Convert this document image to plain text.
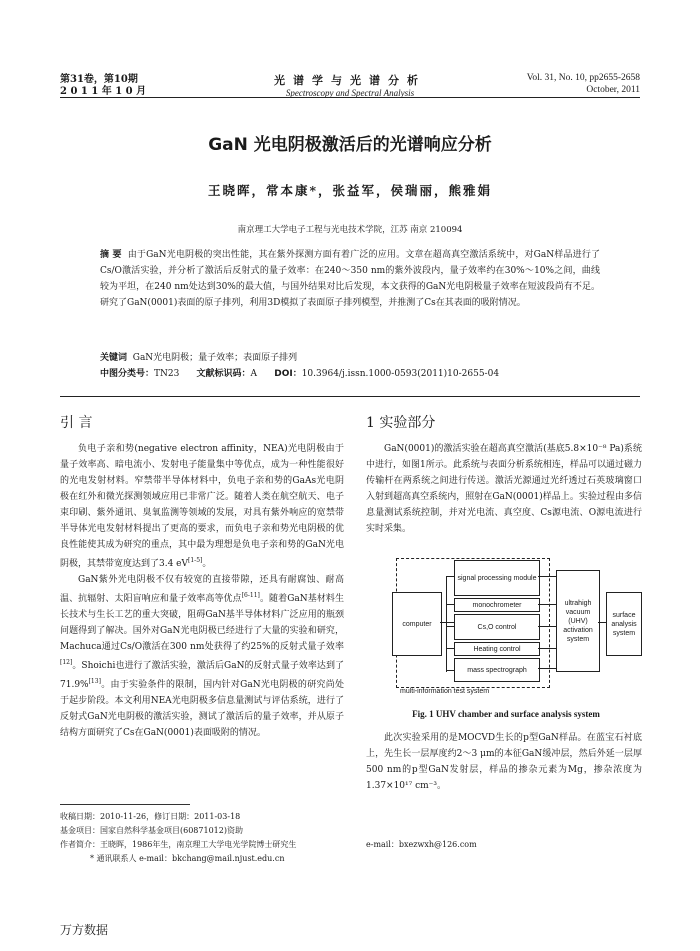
第31卷，第10期
2 0 1 1 年 1 0 月
光谱学与光谱分析
Spectroscopy and Spectral Analysis
Vol. 31, No. 10, pp2655-2658
October, 2011
GaN 光电阴极激活后的光谱响应分析
王晓晖，常本康*，张益军，侯瑞丽，熊雅娟
南京理工大学电子工程与光电技术学院，江苏 南京 210094
摘 要 由于GaN光电阴极的突出性能，其在紫外探测方面有着广泛的应用。文章在超高真空激活系统中，对GaN样品进行了Cs/O激活实验，并分析了激活后反射式的量子效率：在240～350 nm的紫外波段内，量子效率约在30%～10%之间，曲线较为平坦，在240 nm处达到30%的最大值，与国外结果对比后发现，本文获得的GaN光电阴极量子效率在短波段尚有不足。研究了GaN(0001)表面的原子排列，利用3D模拟了表面原子排列模型，并推测了Cs在其表面的吸附情况。
关键词 GaN光电阴极；量子效率；表面原子排列
中图分类号：TN23 文献标识码：A DOI：10.3964/j.issn.1000-0593(2011)10-2655-04
引 言

负电子亲和势(negative electron affinity，NEA)光电阴极由于量子效率高、暗电流小、发射电子能量集中等优点，成为一种性能很好的光电发射材料。窄禁带半导体材料中，负电子亲和势的GaAs光电阴极在红外和微光探测领域应用已非常广泛。随着人类在航空航天、电子束印刷、紫外通讯、臭氧监测等领域的发展，对具有紫外响应的宽禁带半导体光电发射材料提出了更高的要求，而负电子亲和势光电阴极的优良性能使其成为研究的重点，其中最为理想是负电子亲和势的GaN光电阴极，其禁带宽度达到了3.4 eV[1-5]。

GaN紫外光电阴极不仅有较宽的直接带隙，还具有耐腐蚀、耐高温、抗辐射、太阳盲响应和量子效率高等优点[6-11]。随着GaN基材料生长技术与生长工艺的重大突破，阻碍GaN基半导体材料广泛应用的瓶颈问题得到了解决。国外对GaN光电阴极已经进行了大量的实验和研究，Machuca通过Cs/O激活在300 nm处获得了约25%的反射式量子效率[12]。Shoichi也进行了激活实验，激活后GaN的反射式量子效率达到了71.9%[13]。由于实验条件的限制，国内针对GaN光电阴极的研究尚处于起步阶段。本文利用NEA光电阴极多信息量测试与评估系统，进行了反射式GaN光电阴极的激活实验，测试了激活后的量子效率，并从原子结构方面研究了Cs在GaN(0001)表面吸附的情况。

1 实验部分

GaN(0001)的激活实验在超高真空激活(基底5.8×10⁻⁸ Pa)系统中进行，如图1所示。此系统与表面分析系统相连，样品可以通过磁力传输杆在两系统之间进行传送。激活光源通过光纤透过石英玻璃窗口入射到超高真空系统内，照射在GaN(0001)样品上。实验过程由多信息量测试系统控制，并对光电流、真空度、Cs源电流、O源电流进行实时采集。

computer
signal processing module
monochrometer
Cs,O control
Heating control
mass spectrograph
ultrahigh vacuum (UHV) activation system
surface analysis system
multi-information test system
Fig. 1 UHV chamber and surface analysis system

此次实验采用的是MOCVD生长的p型GaN样品。在蓝宝石衬底上，先生长一层厚度约2～3 μm的本征GaN缓冲层，然后外延一层厚500 nm的p型GaN发射层，样品的掺杂元素为Mg，掺杂浓度为1.37×10¹⁷ cm⁻³。

收稿日期：2010-11-26，修订日期：2011-03-18
基金项目：国家自然科学基金项目(60871012)资助
作者简介：王晓晖，1986年生，南京理工大学电光学院博士研究生	e-mail：bxezwxh@126.com
* 通讯联系人 e-mail：bkchang@mail.njust.edu.cn
万方数据
